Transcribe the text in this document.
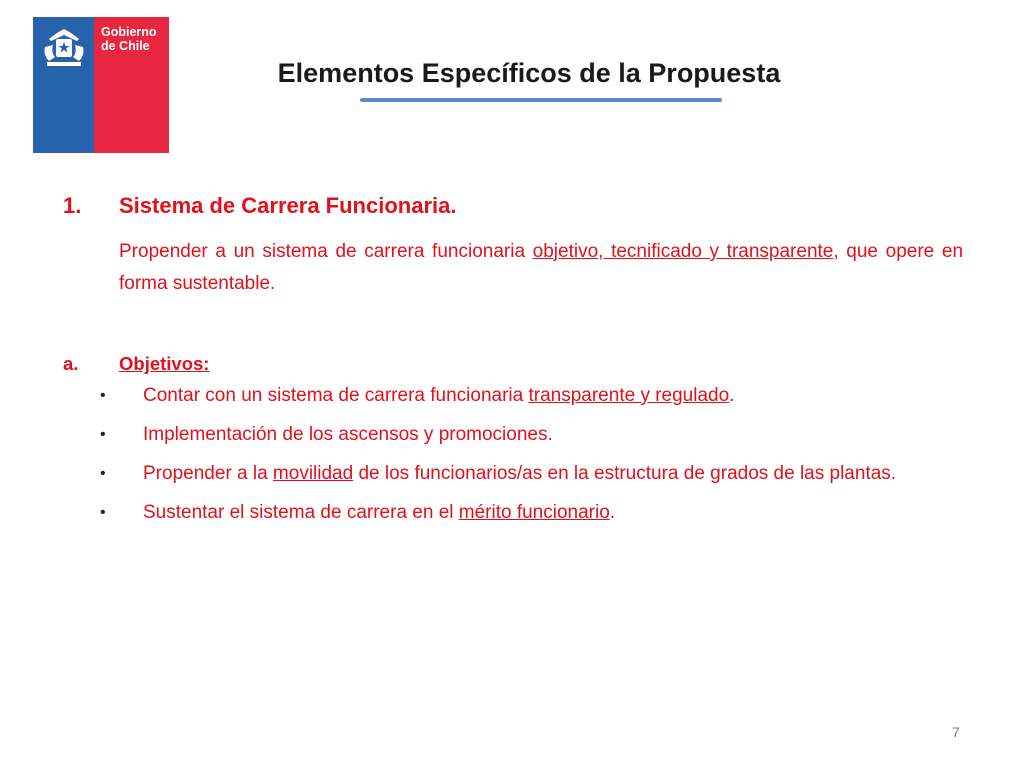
Gobierno
de Chile
Elementos Específicos de la Propuesta
1. Sistema de Carrera Funcionaria.
Propender a un sistema de carrera funcionaria objetivo, tecnificado y transparente, que opere en forma sustentable.
a. Objetivos:
• Contar con un sistema de carrera funcionaria transparente y regulado.
• Implementación de los ascensos y promociones.
• Propender a la movilidad de los funcionarios/as en la estructura de grados de las plantas.
• Sustentar el sistema de carrera en el mérito funcionario.
7
